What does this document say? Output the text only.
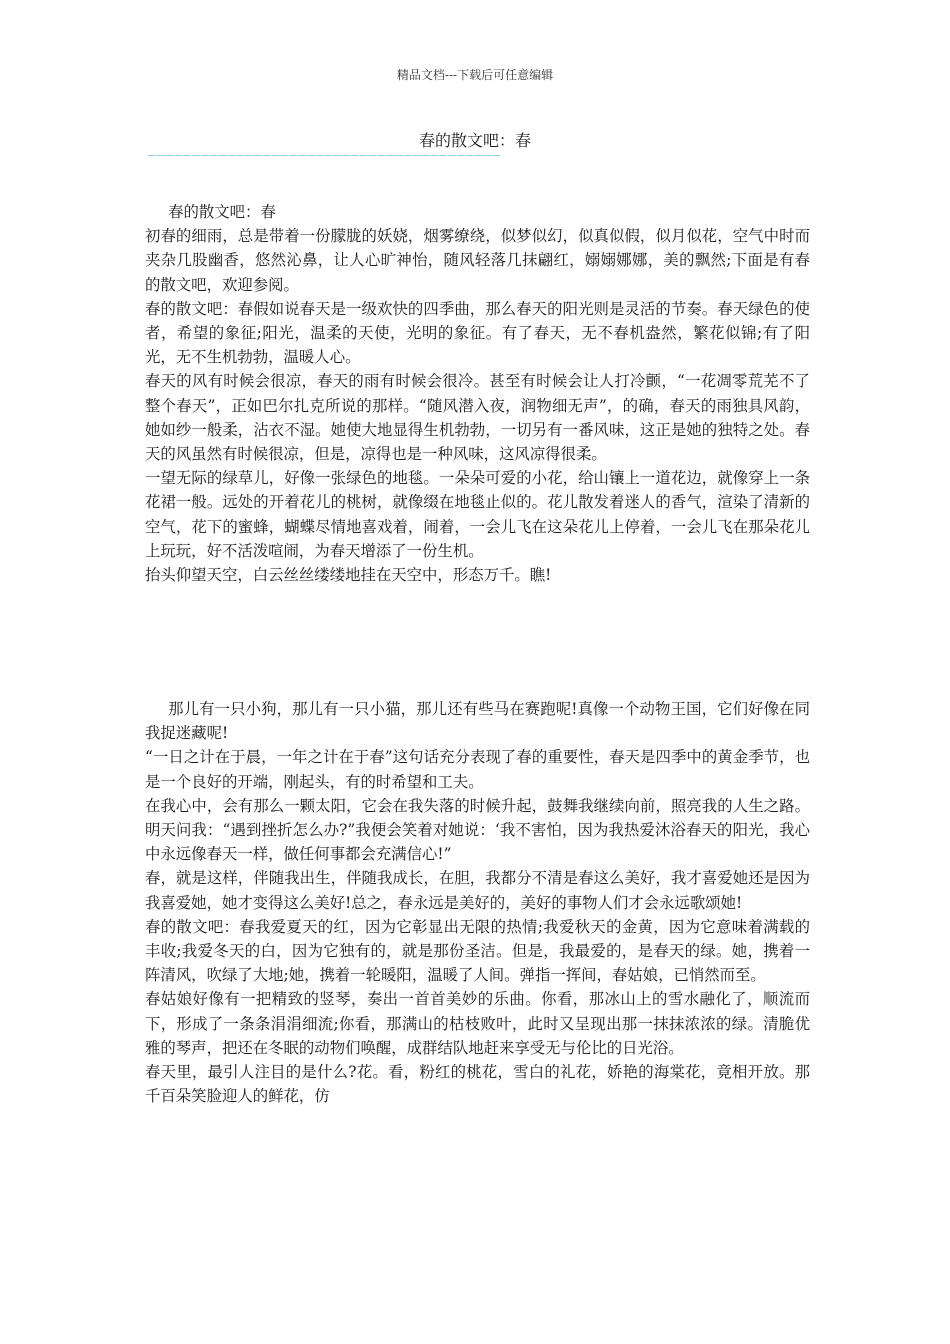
精品文档---下载后可任意编辑
春的散文吧：春
————————————————————————————————————————

春的散文吧：春

初春的细雨，总是带着一份朦胧的妖娆，烟雾缭绕，似梦似幻，似真似假，似月似花，空气中时而夹杂几股幽香，悠然沁鼻，让人心旷神怡，随风轻落几抹翩红，嫋嫋娜娜，美的飘然;下面是有春的散文吧，欢迎参阅。

春的散文吧：春假如说春天是一级欢快的四季曲，那么春天的阳光则是灵活的节奏。春天绿色的使者，希望的象征;阳光，温柔的天使，光明的象征。有了春天，无不春机盎然，繁花似锦;有了阳光，无不生机勃勃，温暖人心。

春天的风有时候会很凉，春天的雨有时候会很冷。甚至有时候会让人打冷颤，“一花凋零荒芜不了整个春天”，正如巴尔扎克所说的那样。“随风潜入夜，润物细无声”，的确，春天的雨独具风韵，她如纱一般柔，沾衣不湿。她使大地显得生机勃勃，一切另有一番风味，这正是她的独特之处。春天的风虽然有时候很凉，但是，凉得也是一种风味，这风凉得很柔。

一望无际的绿草儿，好像一张绿色的地毯。一朵朵可爱的小花，给山镶上一道花边，就像穿上一条花裙一般。远处的开着花儿的桃树，就像缀在地毯止似的。花儿散发着迷人的香气，渲染了清新的空气，花下的蜜蜂，蝴蝶尽情地喜戏着，闹着，一会儿飞在这朵花儿上停着，一会儿飞在那朵花儿上玩玩，好不活泼喧闹，为春天增添了一份生机。

抬头仰望天空，白云丝丝缕缕地挂在天空中，形态万千。瞧!

那儿有一只小狗，那儿有一只小猫，那儿还有些马在赛跑呢!真像一个动物王国，它们好像在同我捉迷藏呢!

“一日之计在于晨，一年之计在于春”这句话充分表现了春的重要性，春天是四季中的黄金季节，也是一个良好的开端，刚起头，有的时希望和工夫。

在我心中，会有那么一颗太阳，它会在我失落的时候升起，鼓舞我继续向前，照亮我的人生之路。明天问我：“遇到挫折怎么办?”我便会笑着对她说：‘我不害怕，因为我热爱沐浴春天的阳光，我心中永远像春天一样，做任何事都会充满信心!”

春，就是这样，伴随我出生，伴随我成长，在胆，我都分不清是春这么美好，我才喜爱她还是因为我喜爱她，她才变得这么美好!总之，春永远是美好的，美好的事物人们才会永远歌颂她!

春的散文吧：春我爱夏天的红，因为它彰显出无限的热情;我爱秋天的金黄，因为它意味着满载的丰收;我爱冬天的白，因为它独有的，就是那份圣洁。但是，我最爱的，是春天的绿。她，携着一阵清风，吹绿了大地;她，携着一轮暖阳，温暖了人间。弹指一挥间，春姑娘，已悄然而至。

春姑娘好像有一把精致的竖琴，奏出一首首美妙的乐曲。你看，那冰山上的雪水融化了，顺流而下，形成了一条条涓涓细流;你看，那满山的枯枝败叶，此时又呈现出那一抹抹浓浓的绿。清脆优雅的琴声，把还在冬眠的动物们唤醒，成群结队地赶来享受无与伦比的日光浴。

春天里，最引人注目的是什么?花。看，粉红的桃花，雪白的礼花，娇艳的海棠花，竟相开放。那千百朵笑脸迎人的鲜花，仿
